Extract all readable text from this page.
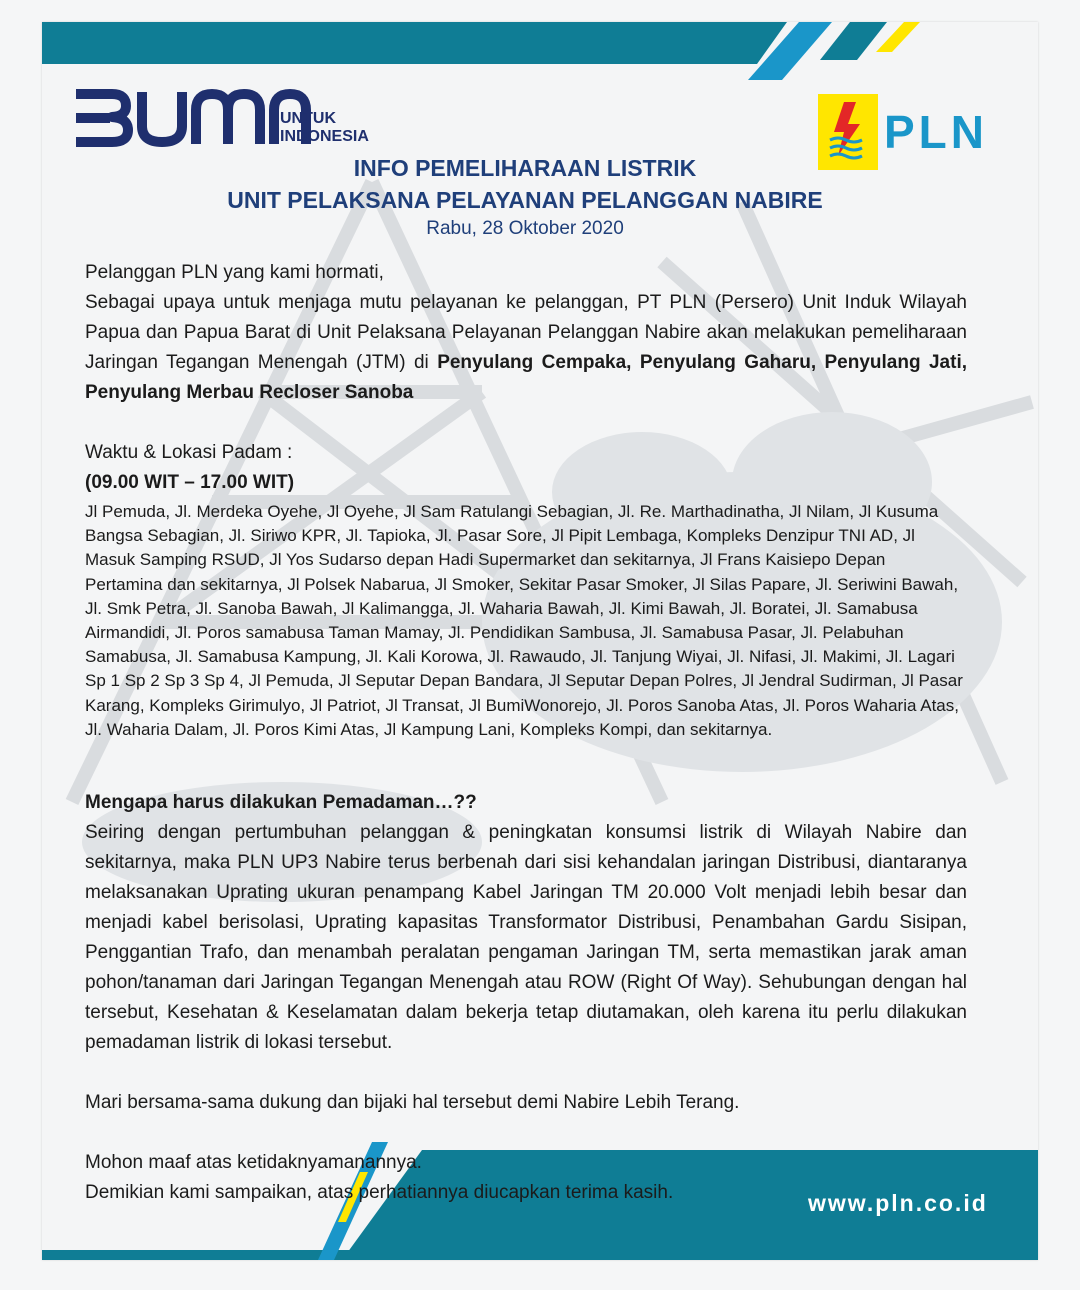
UNTUK
INDONESIA	PLN
INFO PEMELIHARAAN LISTRIK
UNIT PELAKSANA PELAYANAN PELANGGAN NABIRE
Rabu, 28 Oktober 2020

Pelanggan PLN yang kami hormati,

Sebagai upaya untuk menjaga mutu pelayanan ke pelanggan, PT PLN (Persero) Unit Induk Wilayah Papua dan Papua Barat di Unit Pelaksana Pelayanan Pelanggan Nabire akan melakukan pemeliharaan Jaringan Tegangan Menengah (JTM) di Penyulang Cempaka, Penyulang Gaharu, Penyulang Jati, Penyulang Merbau Recloser Sanoba

Waktu & Lokasi Padam :

(09.00 WIT – 17.00 WIT)

Jl Pemuda, Jl. Merdeka Oyehe, Jl Oyehe, Jl Sam Ratulangi Sebagian, Jl. Re. Marthadinatha, Jl Nilam, Jl Kusuma Bangsa Sebagian, Jl. Siriwo KPR, Jl. Tapioka, Jl. Pasar Sore, Jl Pipit Lembaga, Kompleks Denzipur TNI AD, Jl Masuk Samping RSUD, Jl Yos Sudarso depan Hadi Supermarket dan sekitarnya, Jl Frans Kaisiepo Depan Pertamina dan sekitarnya, Jl Polsek Nabarua, Jl Smoker, Sekitar Pasar Smoker, Jl Silas Papare, Jl. Seriwini Bawah, Jl. Smk Petra, Jl. Sanoba Bawah, Jl Kalimangga, Jl. Waharia Bawah, Jl. Kimi Bawah, Jl. Boratei, Jl. Samabusa Airmandidi, Jl. Poros samabusa Taman Mamay, Jl. Pendidikan Sambusa, Jl. Samabusa Pasar, Jl. Pelabuhan Samabusa, Jl. Samabusa Kampung, Jl. Kali Korowa, Jl. Rawaudo, Jl. Tanjung Wiyai, Jl. Nifasi, Jl. Makimi, Jl. Lagari Sp 1 Sp 2 Sp 3 Sp 4, Jl Pemuda, Jl Seputar Depan Bandara, Jl Seputar Depan Polres, Jl Jendral Sudirman, Jl Pasar Karang, Kompleks Girimulyo, Jl Patriot, Jl Transat, Jl BumiWonorejo, Jl. Poros Sanoba Atas, Jl. Poros Waharia Atas, Jl. Waharia Dalam, Jl. Poros Kimi Atas, Jl Kampung Lani, Kompleks Kompi, dan sekitarnya.

Mengapa harus dilakukan Pemadaman…??

Seiring dengan pertumbuhan pelanggan & peningkatan konsumsi listrik di Wilayah Nabire dan sekitarnya, maka PLN UP3 Nabire terus berbenah dari sisi kehandalan jaringan Distribusi, diantaranya melaksanakan Uprating ukuran penampang Kabel Jaringan TM 20.000 Volt menjadi lebih besar dan menjadi kabel berisolasi, Uprating kapasitas Transformator Distribusi, Penambahan Gardu Sisipan, Penggantian Trafo, dan menambah peralatan pengaman Jaringan TM, serta memastikan jarak aman pohon/tanaman dari Jaringan Tegangan Menengah atau ROW (Right Of Way). Sehubungan dengan hal tersebut, Kesehatan & Keselamatan dalam bekerja tetap diutamakan, oleh karena itu perlu dilakukan pemadaman listrik di lokasi tersebut.

Mari bersama-sama dukung dan bijaki hal tersebut demi Nabire Lebih Terang.

Mohon maaf atas ketidaknyamanannya.

Demikian kami sampaikan, atas perhatiannya diucapkan terima kasih.	www.pln.co.id
